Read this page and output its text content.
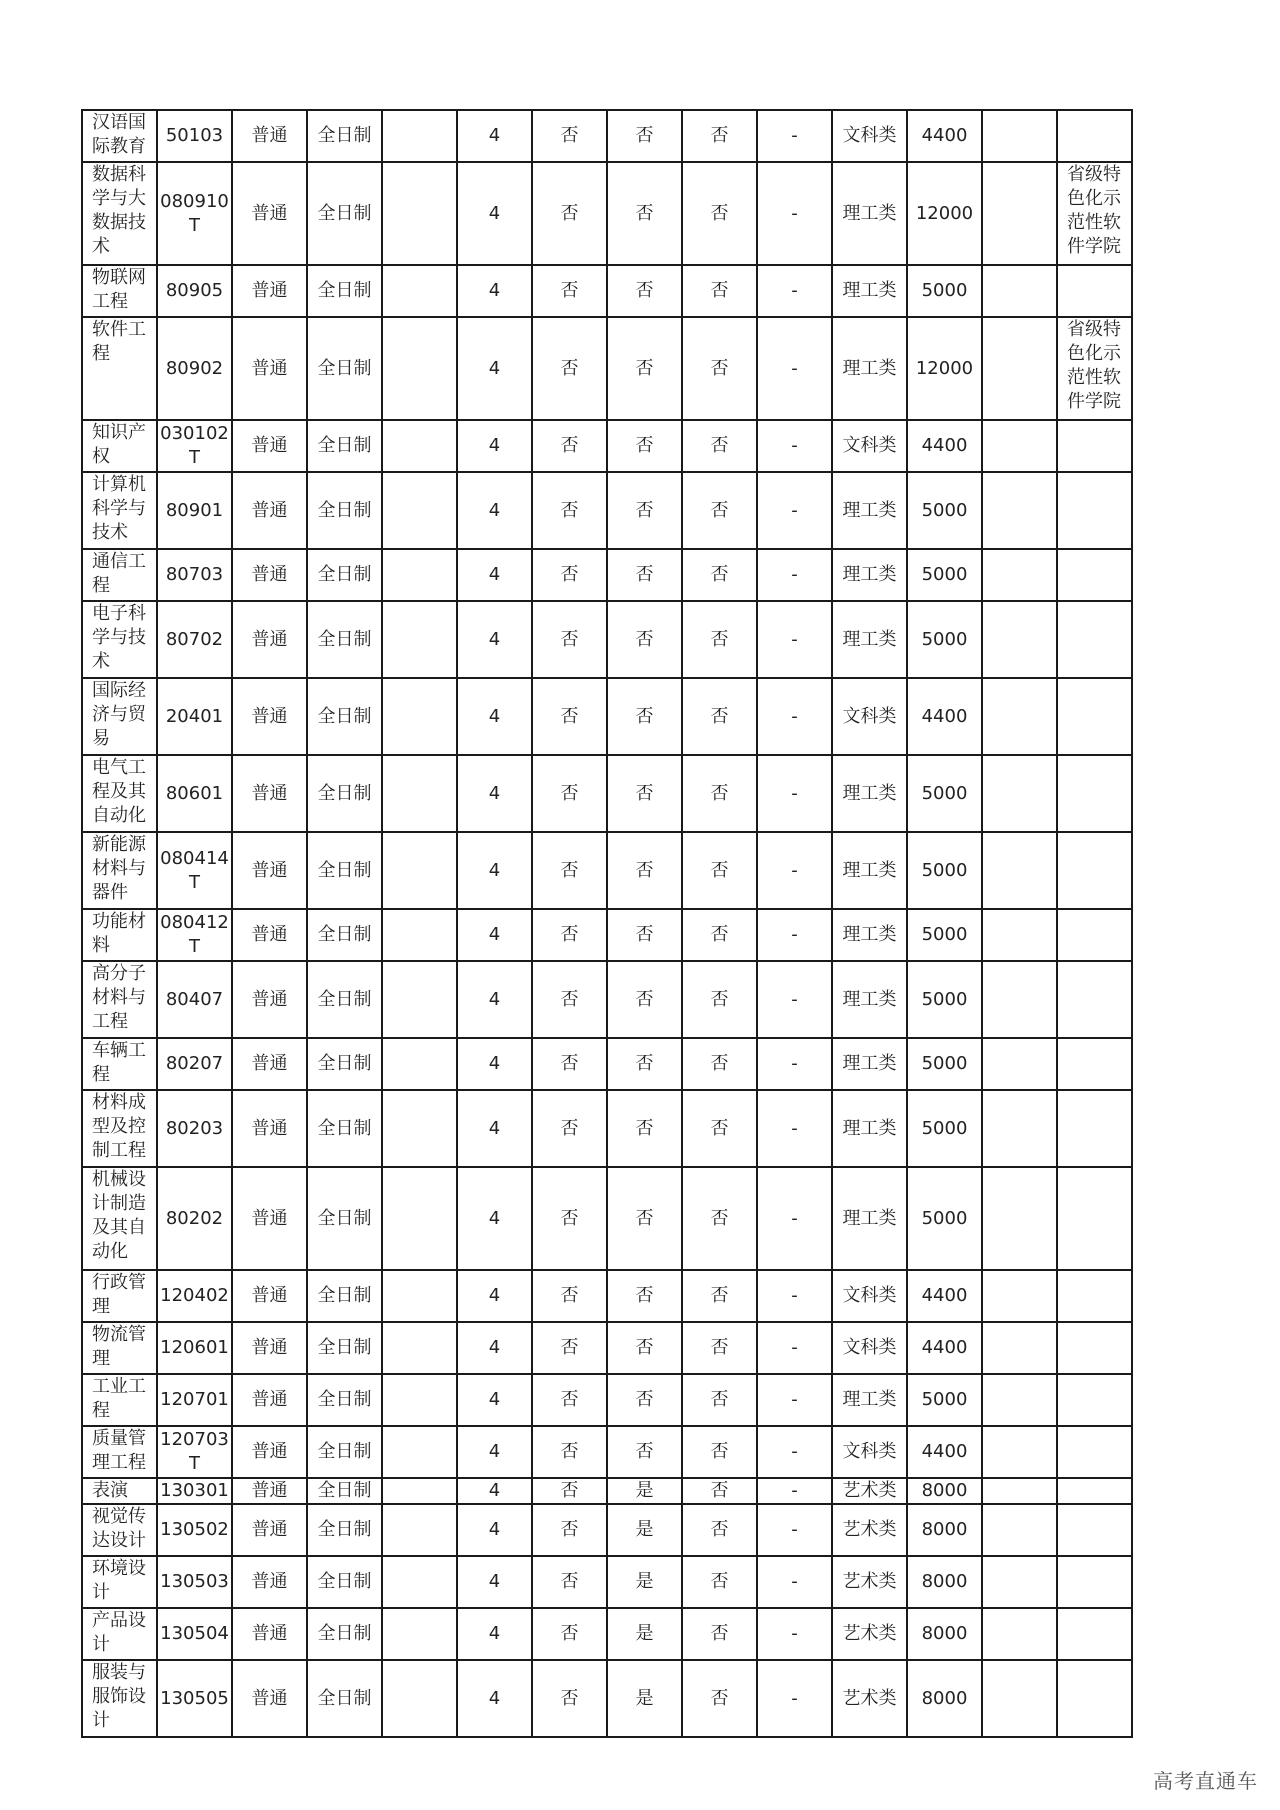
汉语国际教育	50103	普通	全日制		4	否	否	否	-	文科类	4400		

数据科学与大数据技术	080910T	普通	全日制		4	否	否	否	-	理工类	12000		省级特色化示范性软件学院

物联网工程	80905	普通	全日制		4	否	否	否	-	理工类	5000		

软件工程	80902	普通	全日制		4	否	否	否	-	理工类	12000		省级特色化示范性软件学院

知识产权	030102T	普通	全日制		4	否	否	否	-	文科类	4400		

计算机科学与技术	80901	普通	全日制		4	否	否	否	-	理工类	5000		

通信工程	80703	普通	全日制		4	否	否	否	-	理工类	5000		

电子科学与技术	80702	普通	全日制		4	否	否	否	-	理工类	5000		

国际经济与贸易	20401	普通	全日制		4	否	否	否	-	文科类	4400		

电气工程及其自动化	80601	普通	全日制		4	否	否	否	-	理工类	5000		

新能源材料与器件	080414T	普通	全日制		4	否	否	否	-	理工类	5000		

功能材料	080412T	普通	全日制		4	否	否	否	-	理工类	5000		

高分子材料与工程	80407	普通	全日制		4	否	否	否	-	理工类	5000		

车辆工程	80207	普通	全日制		4	否	否	否	-	理工类	5000		

材料成型及控制工程	80203	普通	全日制		4	否	否	否	-	理工类	5000		

机械设计制造及其自动化	80202	普通	全日制		4	否	否	否	-	理工类	5000		

行政管理	120402	普通	全日制		4	否	否	否	-	文科类	4400		

物流管理	120601	普通	全日制		4	否	否	否	-	文科类	4400		

工业工程	120701	普通	全日制		4	否	否	否	-	理工类	5000		

质量管理工程	120703T	普通	全日制		4	否	否	否	-	文科类	4400		

表演	130301	普通	全日制		4	否	是	否	-	艺术类	8000		

视觉传达设计	130502	普通	全日制		4	否	是	否	-	艺术类	8000		

环境设计	130503	普通	全日制		4	否	是	否	-	艺术类	8000		

产品设计	130504	普通	全日制		4	否	是	否	-	艺术类	8000		

服装与服饰设计	130505	普通	全日制		4	否	是	否	-	艺术类	8000		

高考直通车
